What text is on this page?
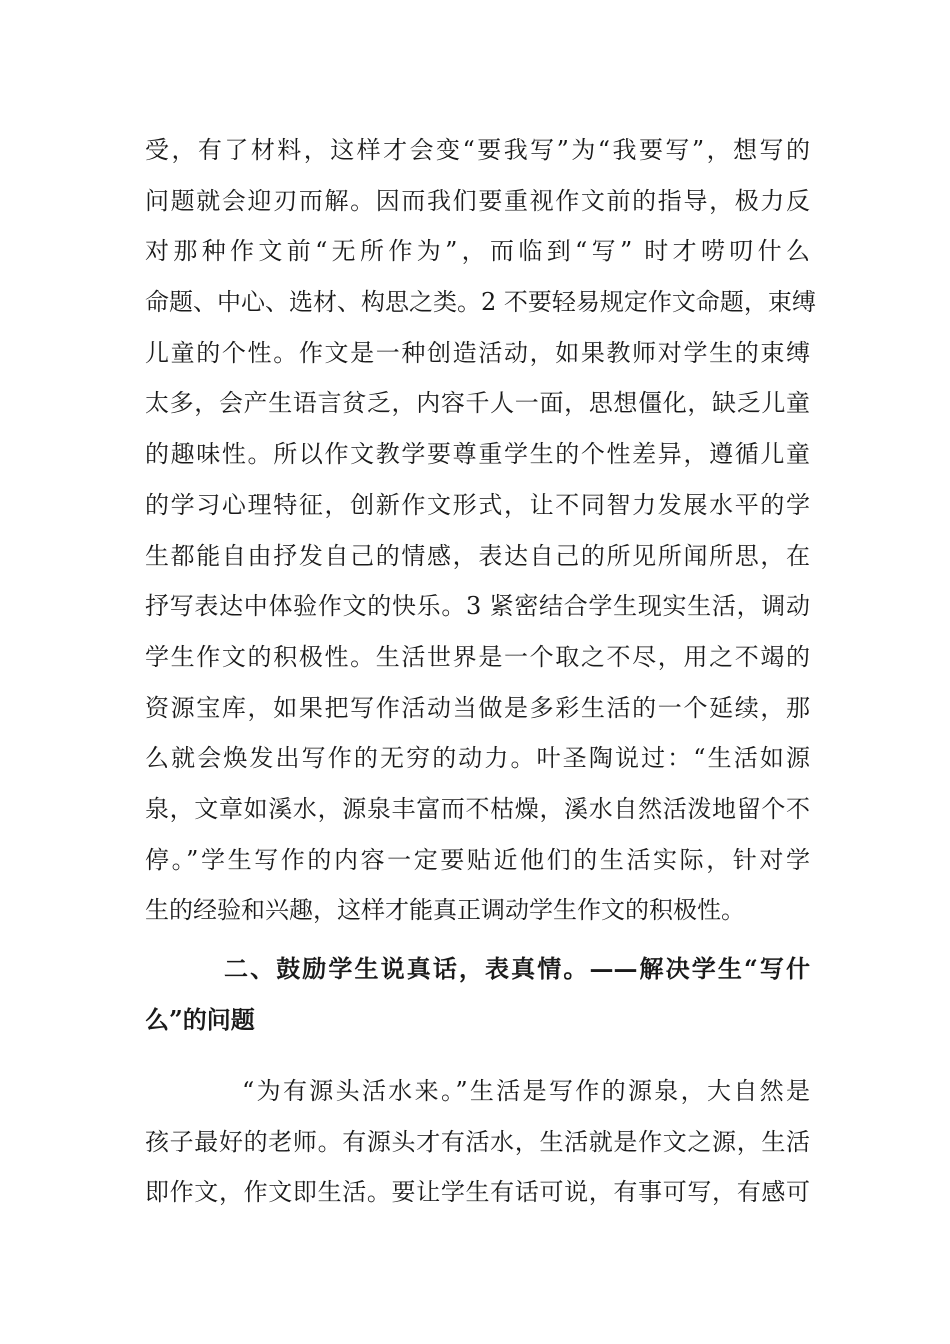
受，有了材料，这样才会变“要我写”为“我要写”，想写的
问题就会迎刃而解。因而我们要重视作文前的指导，极力反
对那种作文前“无所作为”，而临到“写” 时才唠叨什么
命题、中心、选材、构思之类。2 不要轻易规定作文命题，束缚
儿童的个性。作文是一种创造活动，如果教师对学生的束缚
太多，会产生语言贫乏，内容千人一面，思想僵化，缺乏儿童
的趣味性。所以作文教学要尊重学生的个性差异，遵循儿童
的学习心理特征，创新作文形式，让不同智力发展水平的学
生都能自由抒发自己的情感，表达自己的所见所闻所思，在
抒写表达中体验作文的快乐。3 紧密结合学生现实生活，调动
学生作文的积极性。生活世界是一个取之不尽，用之不竭的
资源宝库，如果把写作活动当做是多彩生活的一个延续，那
么就会焕发出写作的无穷的动力。叶圣陶说过：“生活如源
泉，文章如溪水，源泉丰富而不枯燥，溪水自然活泼地留个不
停。”学生写作的内容一定要贴近他们的生活实际，针对学
生的经验和兴趣，这样才能真正调动学生作文的积极性。
二、鼓励学生说真话，表真情。——解决学生“写什
么”的问题
“为有源头活水来。”生活是写作的源泉，大自然是
孩子最好的老师。有源头才有活水，生活就是作文之源，生活
即作文，作文即生活。要让学生有话可说，有事可写，有感可
